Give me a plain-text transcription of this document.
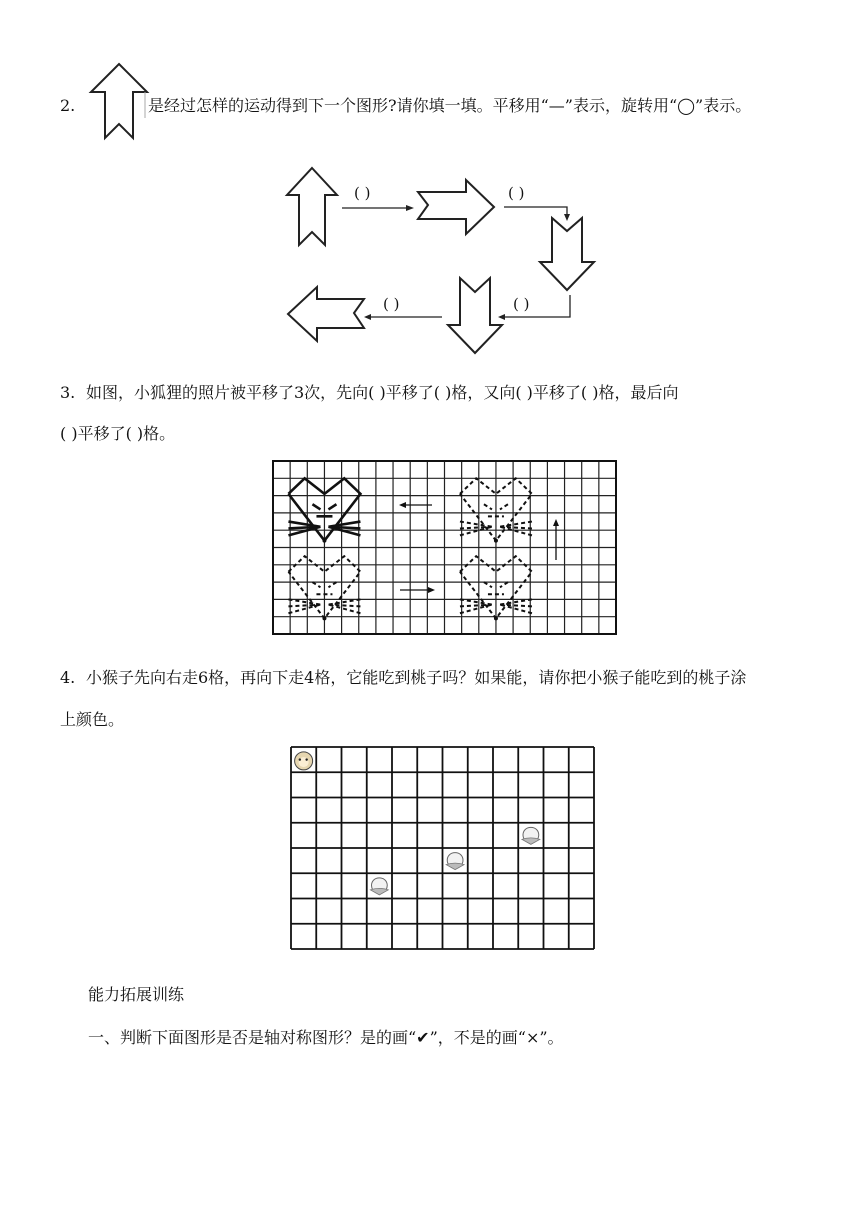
2.	是经过怎样的运动得到下一个图形?请你填一填。平移用“—”表示，旋转用“◯”表示。
( )	( )
( )
( )
3. 如图，小狐狸的照片被平移了3次，先向( )平移了( )格，又向( )平移了( )格，最后向
( )平移了( )格。
4. 小猴子先向右走6格，再向下走4格，它能吃到桃子吗？如果能，请你把小猴子能吃到的桃子涂
上颜色。
能力拓展训练
一、判断下面图形是否是轴对称图形？是的画“✔”，不是的画“×”。
